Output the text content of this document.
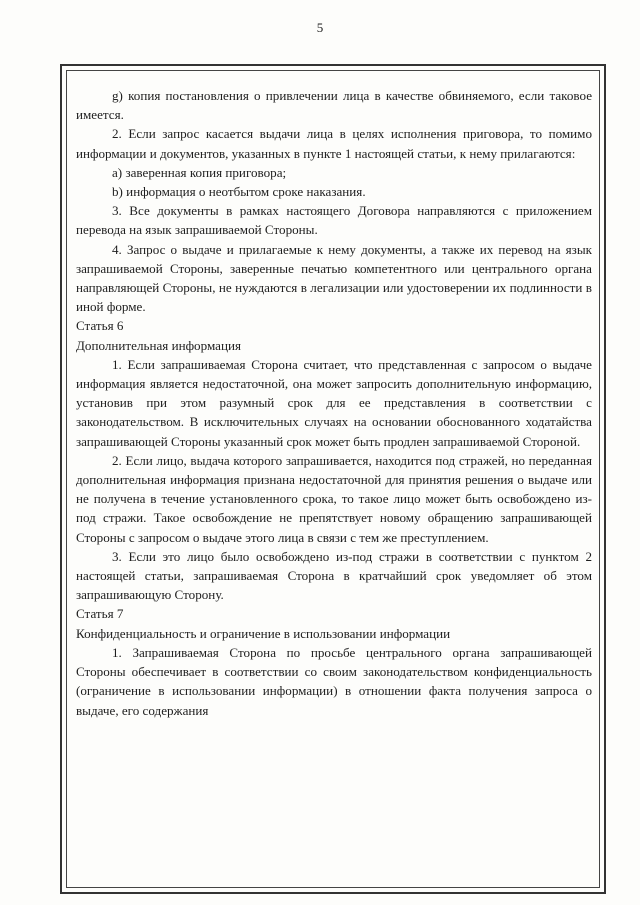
5

g) копия постановления о привлечении лица в качестве обвиняемого, если таковое имеется.

2. Если запрос касается выдачи лица в целях исполнения приговора, то помимо информации и документов, указанных в пункте 1 настоящей статьи, к нему прилагаются:

a) заверенная копия приговора;

b) информация о неотбытом сроке наказания.

3. Все документы в рамках настоящего Договора направляются с приложением перевода на язык запрашиваемой Стороны.

4. Запрос о выдаче и прилагаемые к нему документы, а также их перевод на язык запрашиваемой Стороны, заверенные печатью компетентного или центрального органа направляющей Стороны, не нуждаются в легализации или удостоверении их подлинности в иной форме.

Статья 6

Дополнительная информация

1. Если запрашиваемая Сторона считает, что представленная с запросом о выдаче информация является недостаточной, она может запросить дополнительную информацию, установив при этом разумный срок для ее представления в соответствии с законодательством. В исключительных случаях на основании обоснованного ходатайства запрашивающей Стороны указанный срок может быть продлен запрашиваемой Стороной.

2. Если лицо, выдача которого запрашивается, находится под стражей, но переданная дополнительная информация признана недостаточной для принятия решения о выдаче или не получена в течение установленного срока, то такое лицо может быть освобождено из-под стражи. Такое освобождение не препятствует новому обращению запрашивающей Стороны с запросом о выдаче этого лица в связи с тем же преступлением.

3. Если это лицо было освобождено из-под стражи в соответствии с пунктом 2 настоящей статьи, запрашиваемая Сторона в кратчайший срок уведомляет об этом запрашивающую Сторону.

Статья 7

Конфиденциальность и ограничение в использовании информации

1. Запрашиваемая Сторона по просьбе центрального органа запрашивающей Стороны обеспечивает в соответствии со своим законодательством конфиденциальность (ограничение в использовании информации) в отношении факта получения запроса о выдаче, его содержания
